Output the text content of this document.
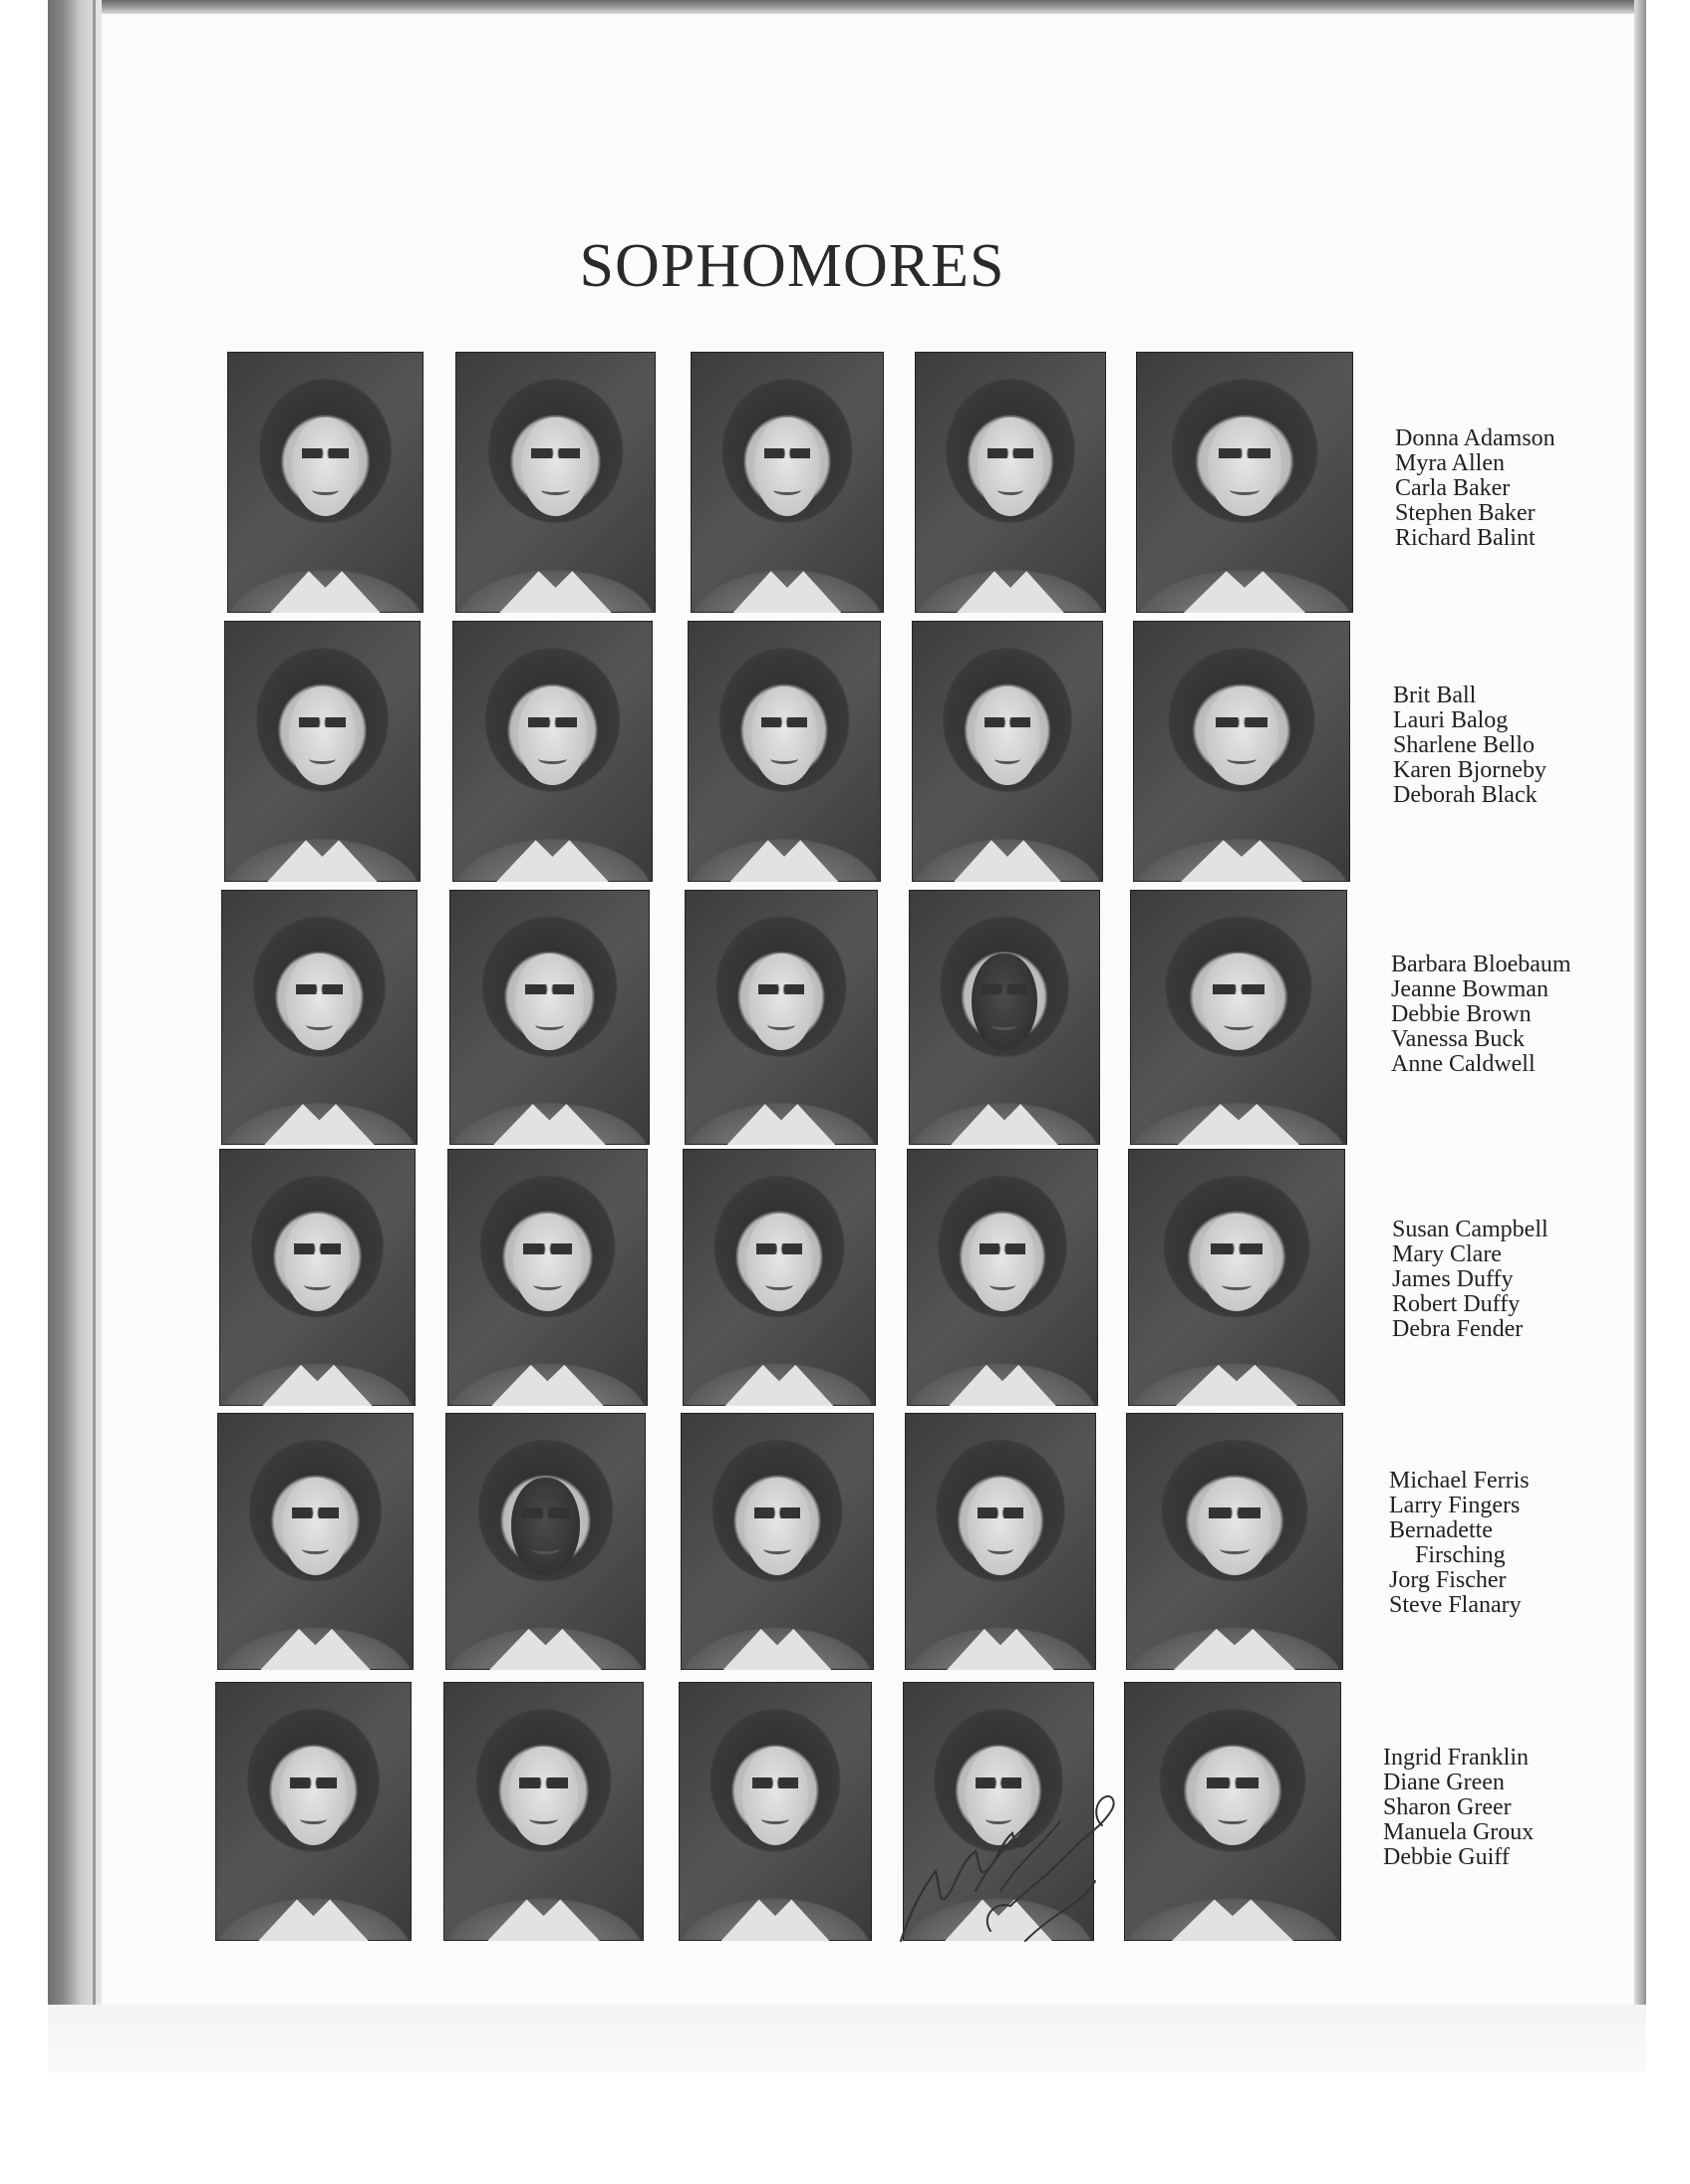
SOPHOMORES
Donna Adamson
Myra Allen
Carla Baker
Stephen Baker
Richard Balint
Brit Ball
Lauri Balog
Sharlene Bello
Karen Bjorneby
Deborah Black
Barbara Bloebaum
Jeanne Bowman
Debbie Brown
Vanessa Buck
Anne Caldwell
Susan Campbell
Mary Clare
James Duffy
Robert Duffy
Debra Fender
Michael Ferris
Larry Fingers
Bernadette
Firsching
Jorg Fischer
Steve Flanary
Ingrid Franklin
Diane Green
Sharon Greer
Manuela Groux
Debbie Guiff
